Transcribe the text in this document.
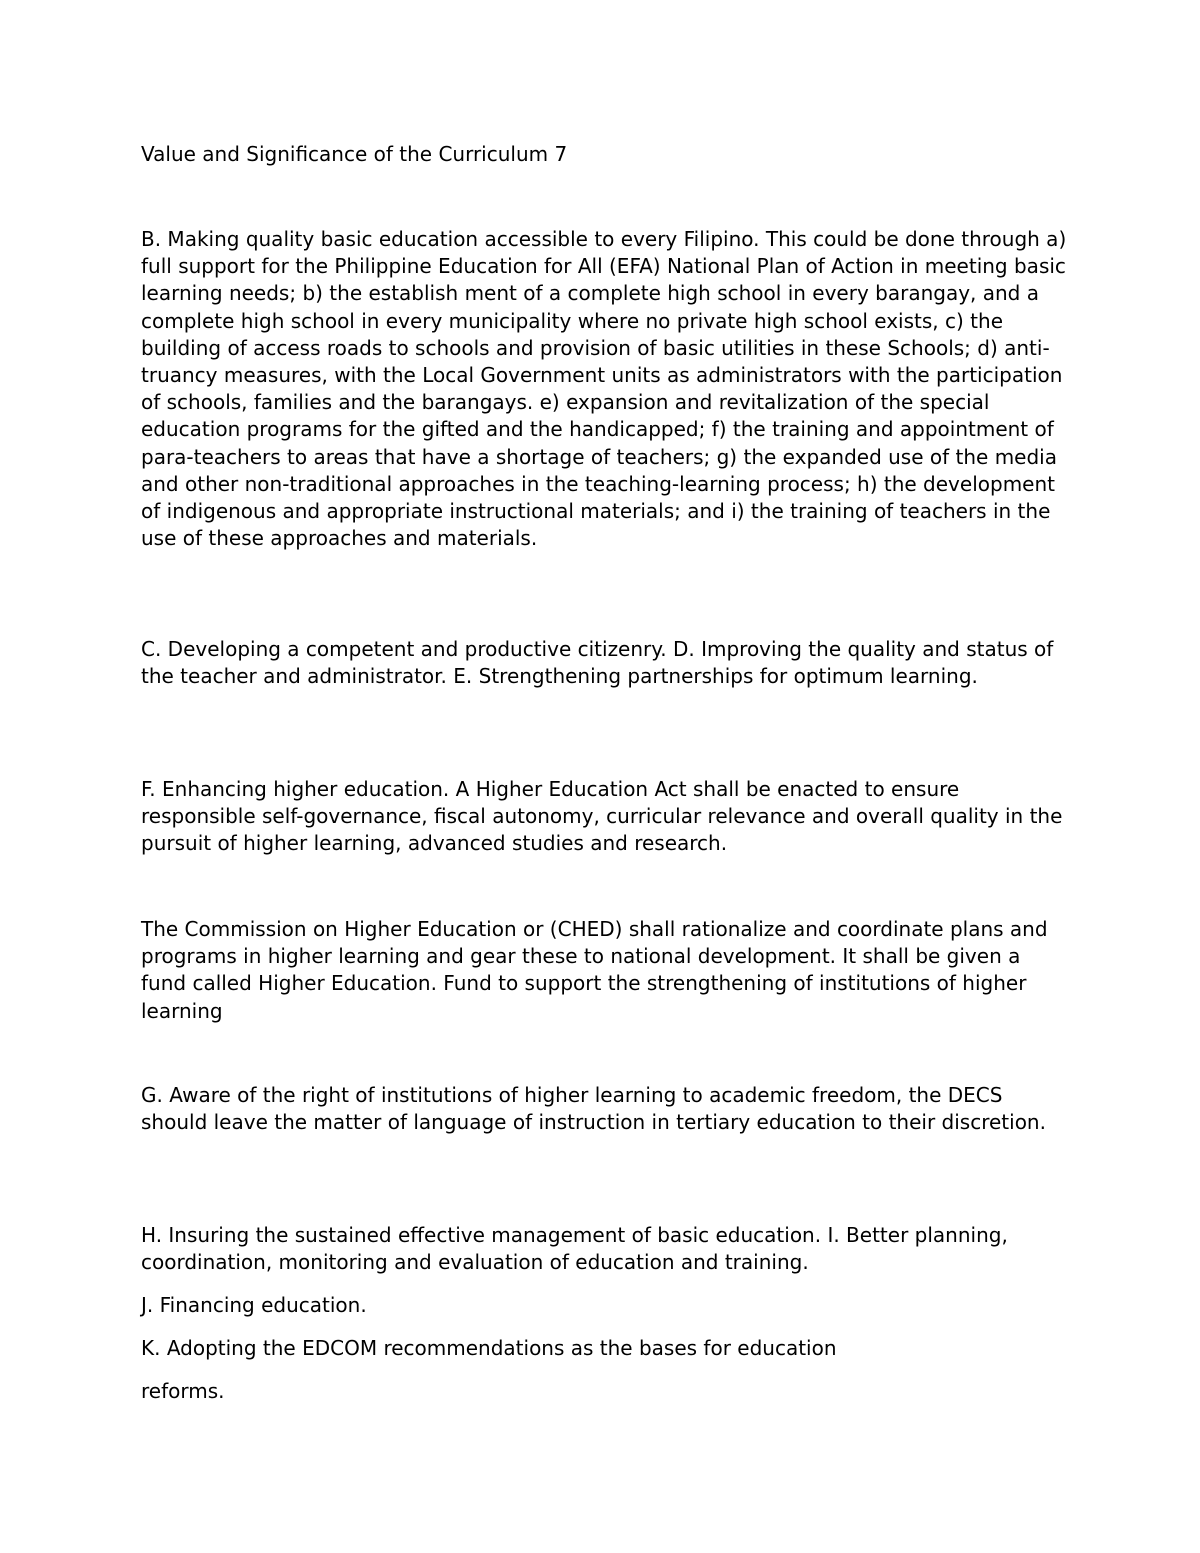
Value and Significance of the Curriculum 7

B. Making quality basic education accessible to every Filipino. This could be done through a) full support for the Philippine Education for All (EFA) National Plan of Action in meeting basic learning needs; b) the establish ment of a complete high school in every barangay, and a complete high school in every municipality where no private high school exists, c) the building of access roads to schools and provision of basic utilities in these Schools; d) anti-truancy measures, with the Local Government units as administrators with the participation of schools, families and the barangays. e) expansion and revitalization of the special education programs for the gifted and the handicapped; f) the training and appointment of para-teachers to areas that have a shortage of teachers; g) the expanded use of the media and other non-traditional approaches in the teaching-learning process; h) the development of indigenous and appropriate instructional materials; and i) the training of teachers in the use of these approaches and materials.

C. Developing a competent and productive citizenry. D. Improving the quality and status of the teacher and administrator. E. Strengthening partnerships for optimum learning.

F. Enhancing higher education. A Higher Education Act shall be enacted to ensure responsible self-governance, fiscal autonomy, curricular relevance and overall quality in the pursuit of higher learning, advanced studies and research.

The Commission on Higher Education or (CHED) shall rationalize and coordinate plans and programs in higher learning and gear these to national development. It shall be given a fund called Higher Education. Fund to support the strengthening of institutions of higher learning

G. Aware of the right of institutions of higher learning to academic freedom, the DECS should leave the matter of language of instruction in tertiary education to their discretion.

H. Insuring the sustained effective management of basic education. I. Better planning, coordination, monitoring and evaluation of education and training.

J. Financing education.

K. Adopting the EDCOM recommendations as the bases for education

reforms.
